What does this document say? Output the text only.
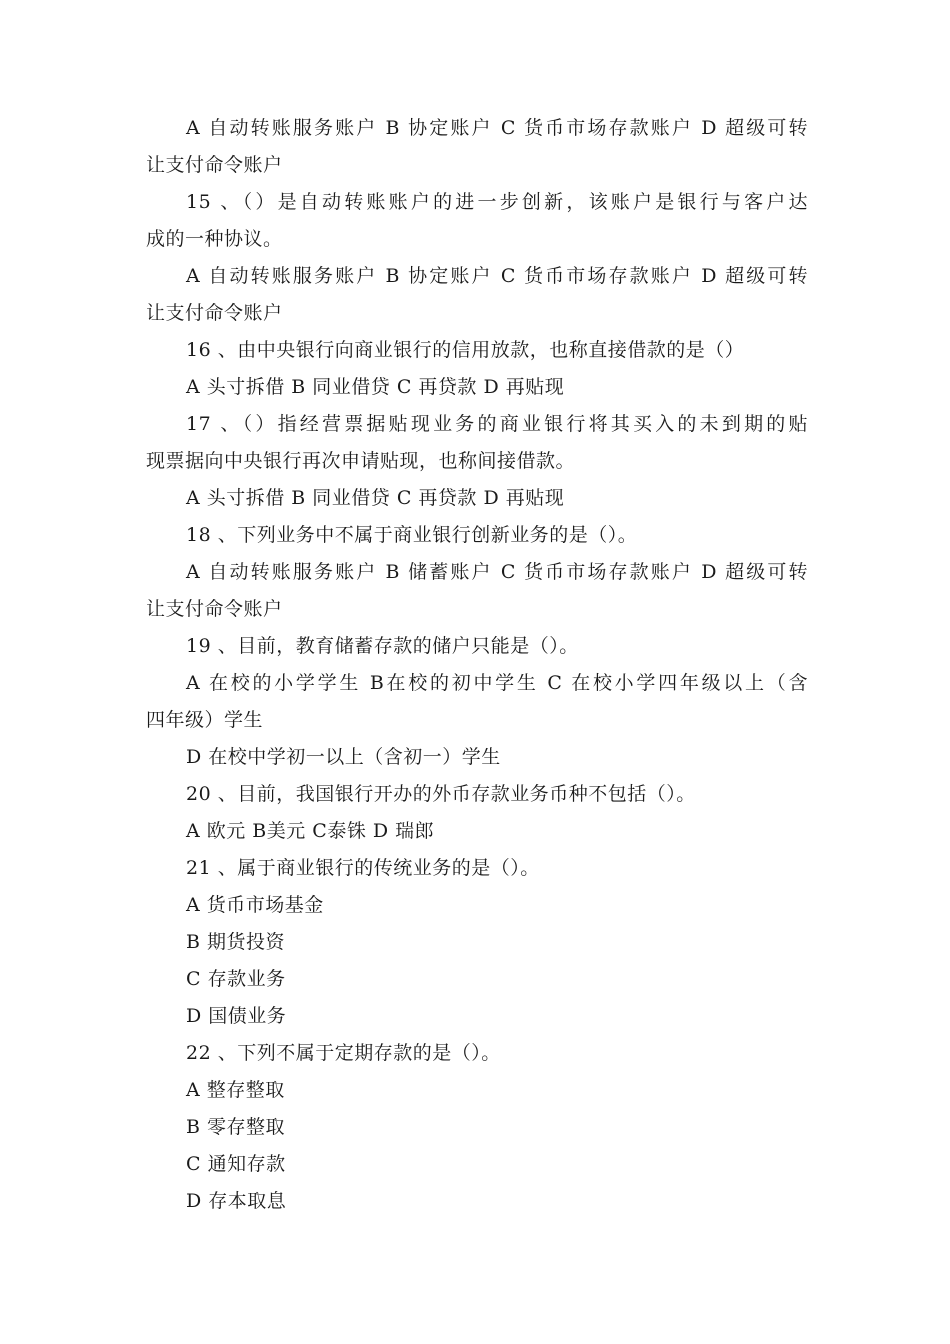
A 自动转账服务账户 B 协定账户 C 货币市场存款账户 D 超级可转
让支付命令账户
15 、（）是自动转账账户的进一步创新，该账户是银行与客户达
成的一种协议。
A 自动转账服务账户 B 协定账户 C 货币市场存款账户 D 超级可转
让支付命令账户
16 、由中央银行向商业银行的信用放款，也称直接借款的是（）
A 头寸拆借 B 同业借贷 C 再贷款 D 再贴现
17 、（）指经营票据贴现业务的商业银行将其买入的未到期的贴
现票据向中央银行再次申请贴现，也称间接借款。
A 头寸拆借 B 同业借贷 C 再贷款 D 再贴现
18 、下列业务中不属于商业银行创新业务的是（）。
A 自动转账服务账户 B 储蓄账户 C 货币市场存款账户 D 超级可转
让支付命令账户
19 、目前，教育储蓄存款的储户只能是（）。
A 在校的小学学生 B在校的初中学生 C 在校小学四年级以上（含
四年级）学生
D 在校中学初一以上（含初一）学生
20 、目前，我国银行开办的外币存款业务币种不包括（）。
A 欧元 B美元 C泰铢 D 瑞郎
21 、属于商业银行的传统业务的是（）。
A 货币市场基金
B 期货投资
C 存款业务
D 国债业务
22 、下列不属于定期存款的是（）。
A 整存整取
B 零存整取
C 通知存款
D 存本取息
